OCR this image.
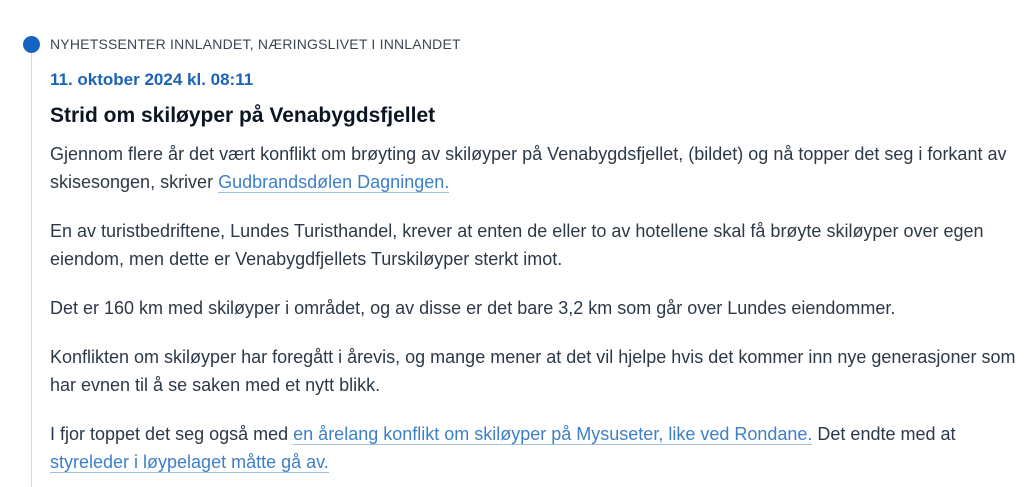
NYHETSSENTER INNLANDET, NÆRINGSLIVET I INNLANDET

11. oktober 2024 kl. 08:11
Strid om skiløyper på Venabygdsfjellet

Gjennom flere år det vært konflikt om brøyting av skiløyper på Venabygdsfjellet, (bildet) og nå topper det seg i forkant av skisesongen, skriver Gudbrandsdølen Dagningen.

En av turistbedriftene, Lundes Turisthandel, krever at enten de eller to av hotellene skal få brøyte skiløyper over egen eiendom, men dette er Venabygdfjellets Turskiløyper sterkt imot.

Det er 160 km med skiløyper i området, og av disse er det bare 3,2 km som går over Lundes eiendommer.

Konflikten om skiløyper har foregått i årevis, og mange mener at det vil hjelpe hvis det kommer inn nye generasjoner som har evnen til å se saken med et nytt blikk.

I fjor toppet det seg også med en årelang konflikt om skiløyper på Mysuseter, like ved Rondane. Det endte med at styreleder i løypelaget måtte gå av.
